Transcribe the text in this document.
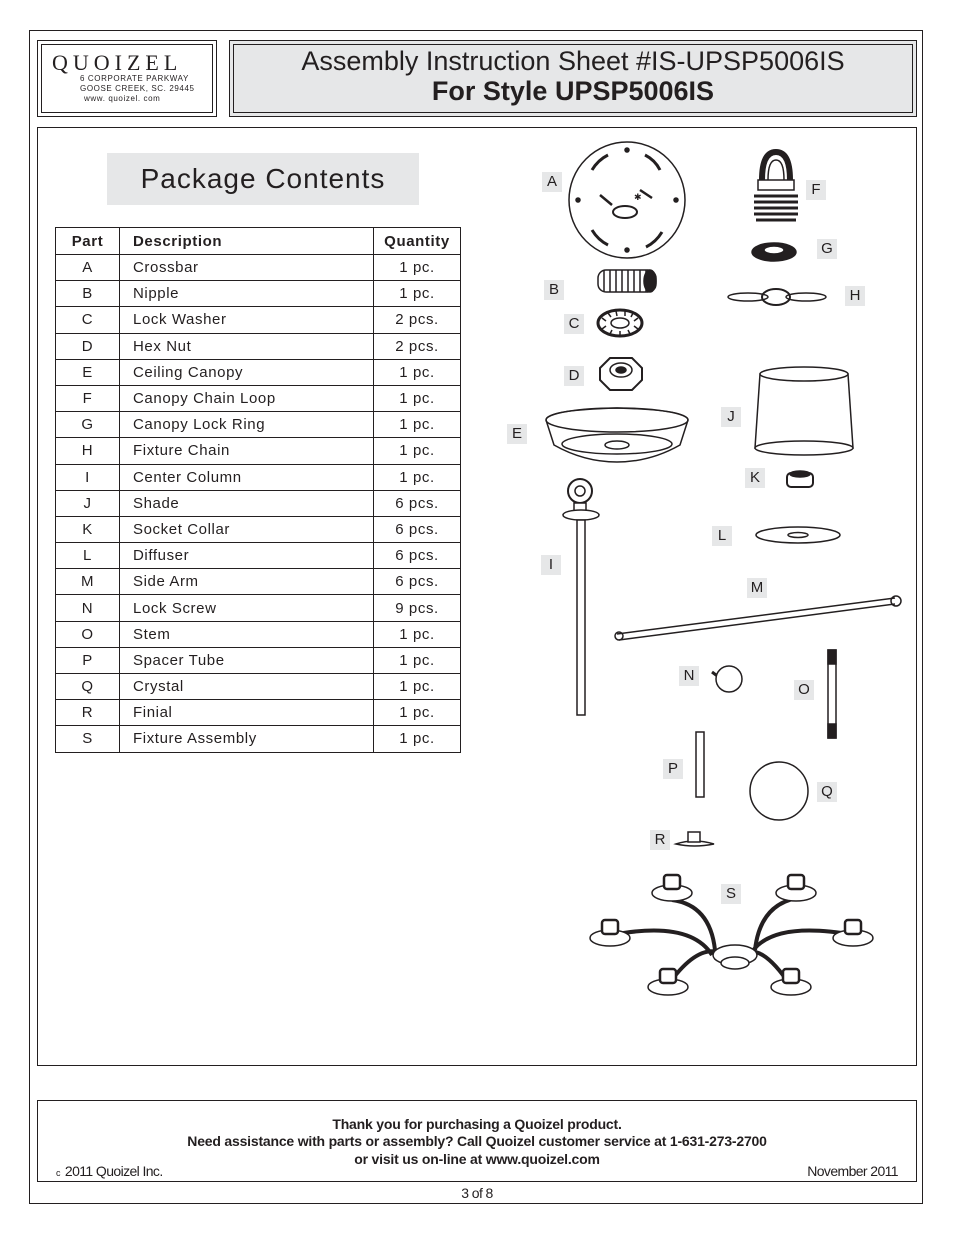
QUOIZEL
6 CORPORATE PARKWAY
GOOSE CREEK, SC. 29445
www. quoizel. com
Assembly Instruction Sheet #IS-UPSP5006IS
For Style UPSP5006IS
Package Contents
Part	Description	Quantity
A	Crossbar	1 pc.
B	Nipple	1 pc.
C	Lock Washer	2 pcs.
D	Hex Nut	2 pcs.
E	Ceiling Canopy	1 pc.
F	Canopy Chain Loop	1 pc.
G	Canopy Lock Ring	1 pc.
H	Fixture Chain	1 pc.
I	Center Column	1 pc.
J	Shade	6 pcs.
K	Socket Collar	6 pcs.
L	Diffuser	6 pcs.
M	Side Arm	6 pcs.
N	Lock Screw	9 pcs.
O	Stem	1 pc.
P	Spacer Tube	1 pc.
Q	Crystal	1 pc.
R	Finial	1 pc.
S	Fixture Assembly	1 pc.
✱
A
B
C
D
E
F
G
H
I
J
K
L
M
N
O
P
Q
R
S
Thank you for purchasing a Quoizel product.
Need assistance with parts or assembly? Call Quoizel customer service at 1-631-273-2700
or visit us on-line at www.quoizel.com
c 2011 Quoizel Inc.	November 2011
3 of 8
